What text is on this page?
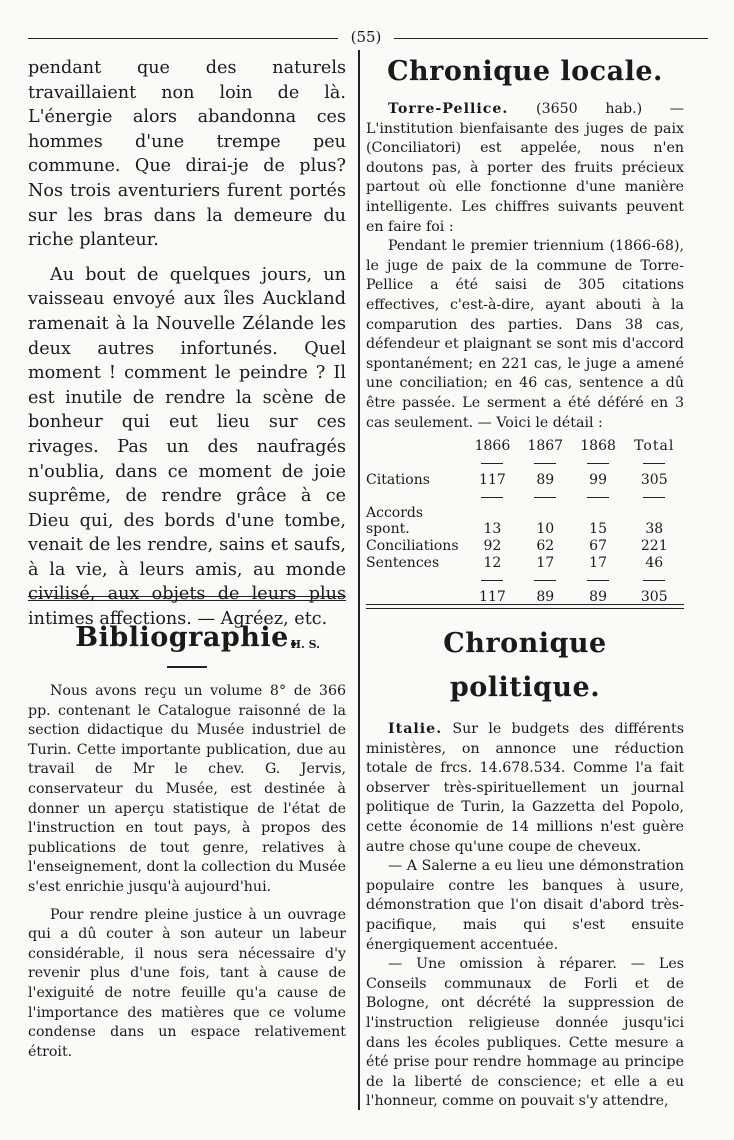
(55)

pendant que des naturels travaillaient non loin de là. L'énergie alors abandonna ces hommes d'une trempe peu commune. Que dirai-je de plus? Nos trois aventuriers furent portés sur les bras dans la demeure du riche planteur.

Au bout de quelques jours, un vaisseau envoyé aux îles Auckland ramenait à la Nouvelle Zélande les deux autres infortunés. Quel moment ! comment le peindre ? Il est inutile de rendre la scène de bonheur qui eut lieu sur ces rivages. Pas un des naufragés n'oublia, dans ce moment de joie suprême, de rendre grâce à ce Dieu qui, des bords d'une tombe, venait de les rendre, sains et saufs, à la vie, à leurs amis, au monde civilisé, aux objets de leurs plus intimes affections. — Agréez, etc.

H. S.
Bibliographie.

Nous avons reçu un volume 8° de 366 pp. contenant le Catalogue raisonné de la section didactique du Musée industriel de Turin. Cette importante publication, due au travail de Mr le chev. G. Jervis, conservateur du Musée, est destinée à donner un aperçu statistique de l'état de l'instruction en tout pays, à propos des publications de tout genre, relatives à l'enseignement, dont la collection du Musée s'est enrichie jusqu'à aujourd'hui.

Pour rendre pleine justice à un ouvrage qui a dû couter à son auteur un labeur considérable, il nous sera nécessaire d'y revenir plus d'une fois, tant à cause de l'exiguité de notre feuille qu'a cause de l'importance des matières que ce volume condense dans un espace relativement étroit.

Chronique locale.

Torre-Pellice. (3650 hab.) — L'institution bienfaisante des juges de paix (Conciliatori) est appelée, nous n'en doutons pas, à porter des fruits précieux partout où elle fonctionne d'une manière intelligente. Les chiffres suivants peuvent en faire foi :

Pendant le premier triennium (1866-68), le juge de paix de la commune de Torre-Pellice a été saisi de 305 citations effectives, c'est-à-dire, ayant abouti à la comparution des parties. Dans 38 cas, défendeur et plaignant se sont mis d'accord spontanément; en 221 cas, le juge a amené une conciliation; en 46 cas, sentence a dû être passée. Le serment a été déféré en 3 cas seulement. — Voici le détail :

	1866	1867	1868	Total

Citations	117	89	99	305

Accords spont.	13	10	15	38
Conciliations	92	62	67	221
Sentences	12	17	17	46

	117	89	89	305
Chronique politique.

Italie. Sur le budgets des différents ministères, on annonce une réduction totale de frcs. 14.678.534. Comme l'a fait observer très-spirituellement un journal politique de Turin, la Gazzetta del Popolo, cette économie de 14 millions n'est guère autre chose qu'une coupe de cheveux.

— A Salerne a eu lieu une démonstration populaire contre les banques à usure, démonstration que l'on disait d'abord très-pacifique, mais qui s'est ensuite énergiquement accentuée.

— Une omission à réparer. — Les Conseils communaux de Forli et de Bologne, ont décrété la suppression de l'instruction religieuse donnée jusqu'ici dans les écoles publiques. Cette mesure a été prise pour rendre hommage au principe de la liberté de conscience; et elle a eu l'honneur, comme on pouvait s'y attendre,
